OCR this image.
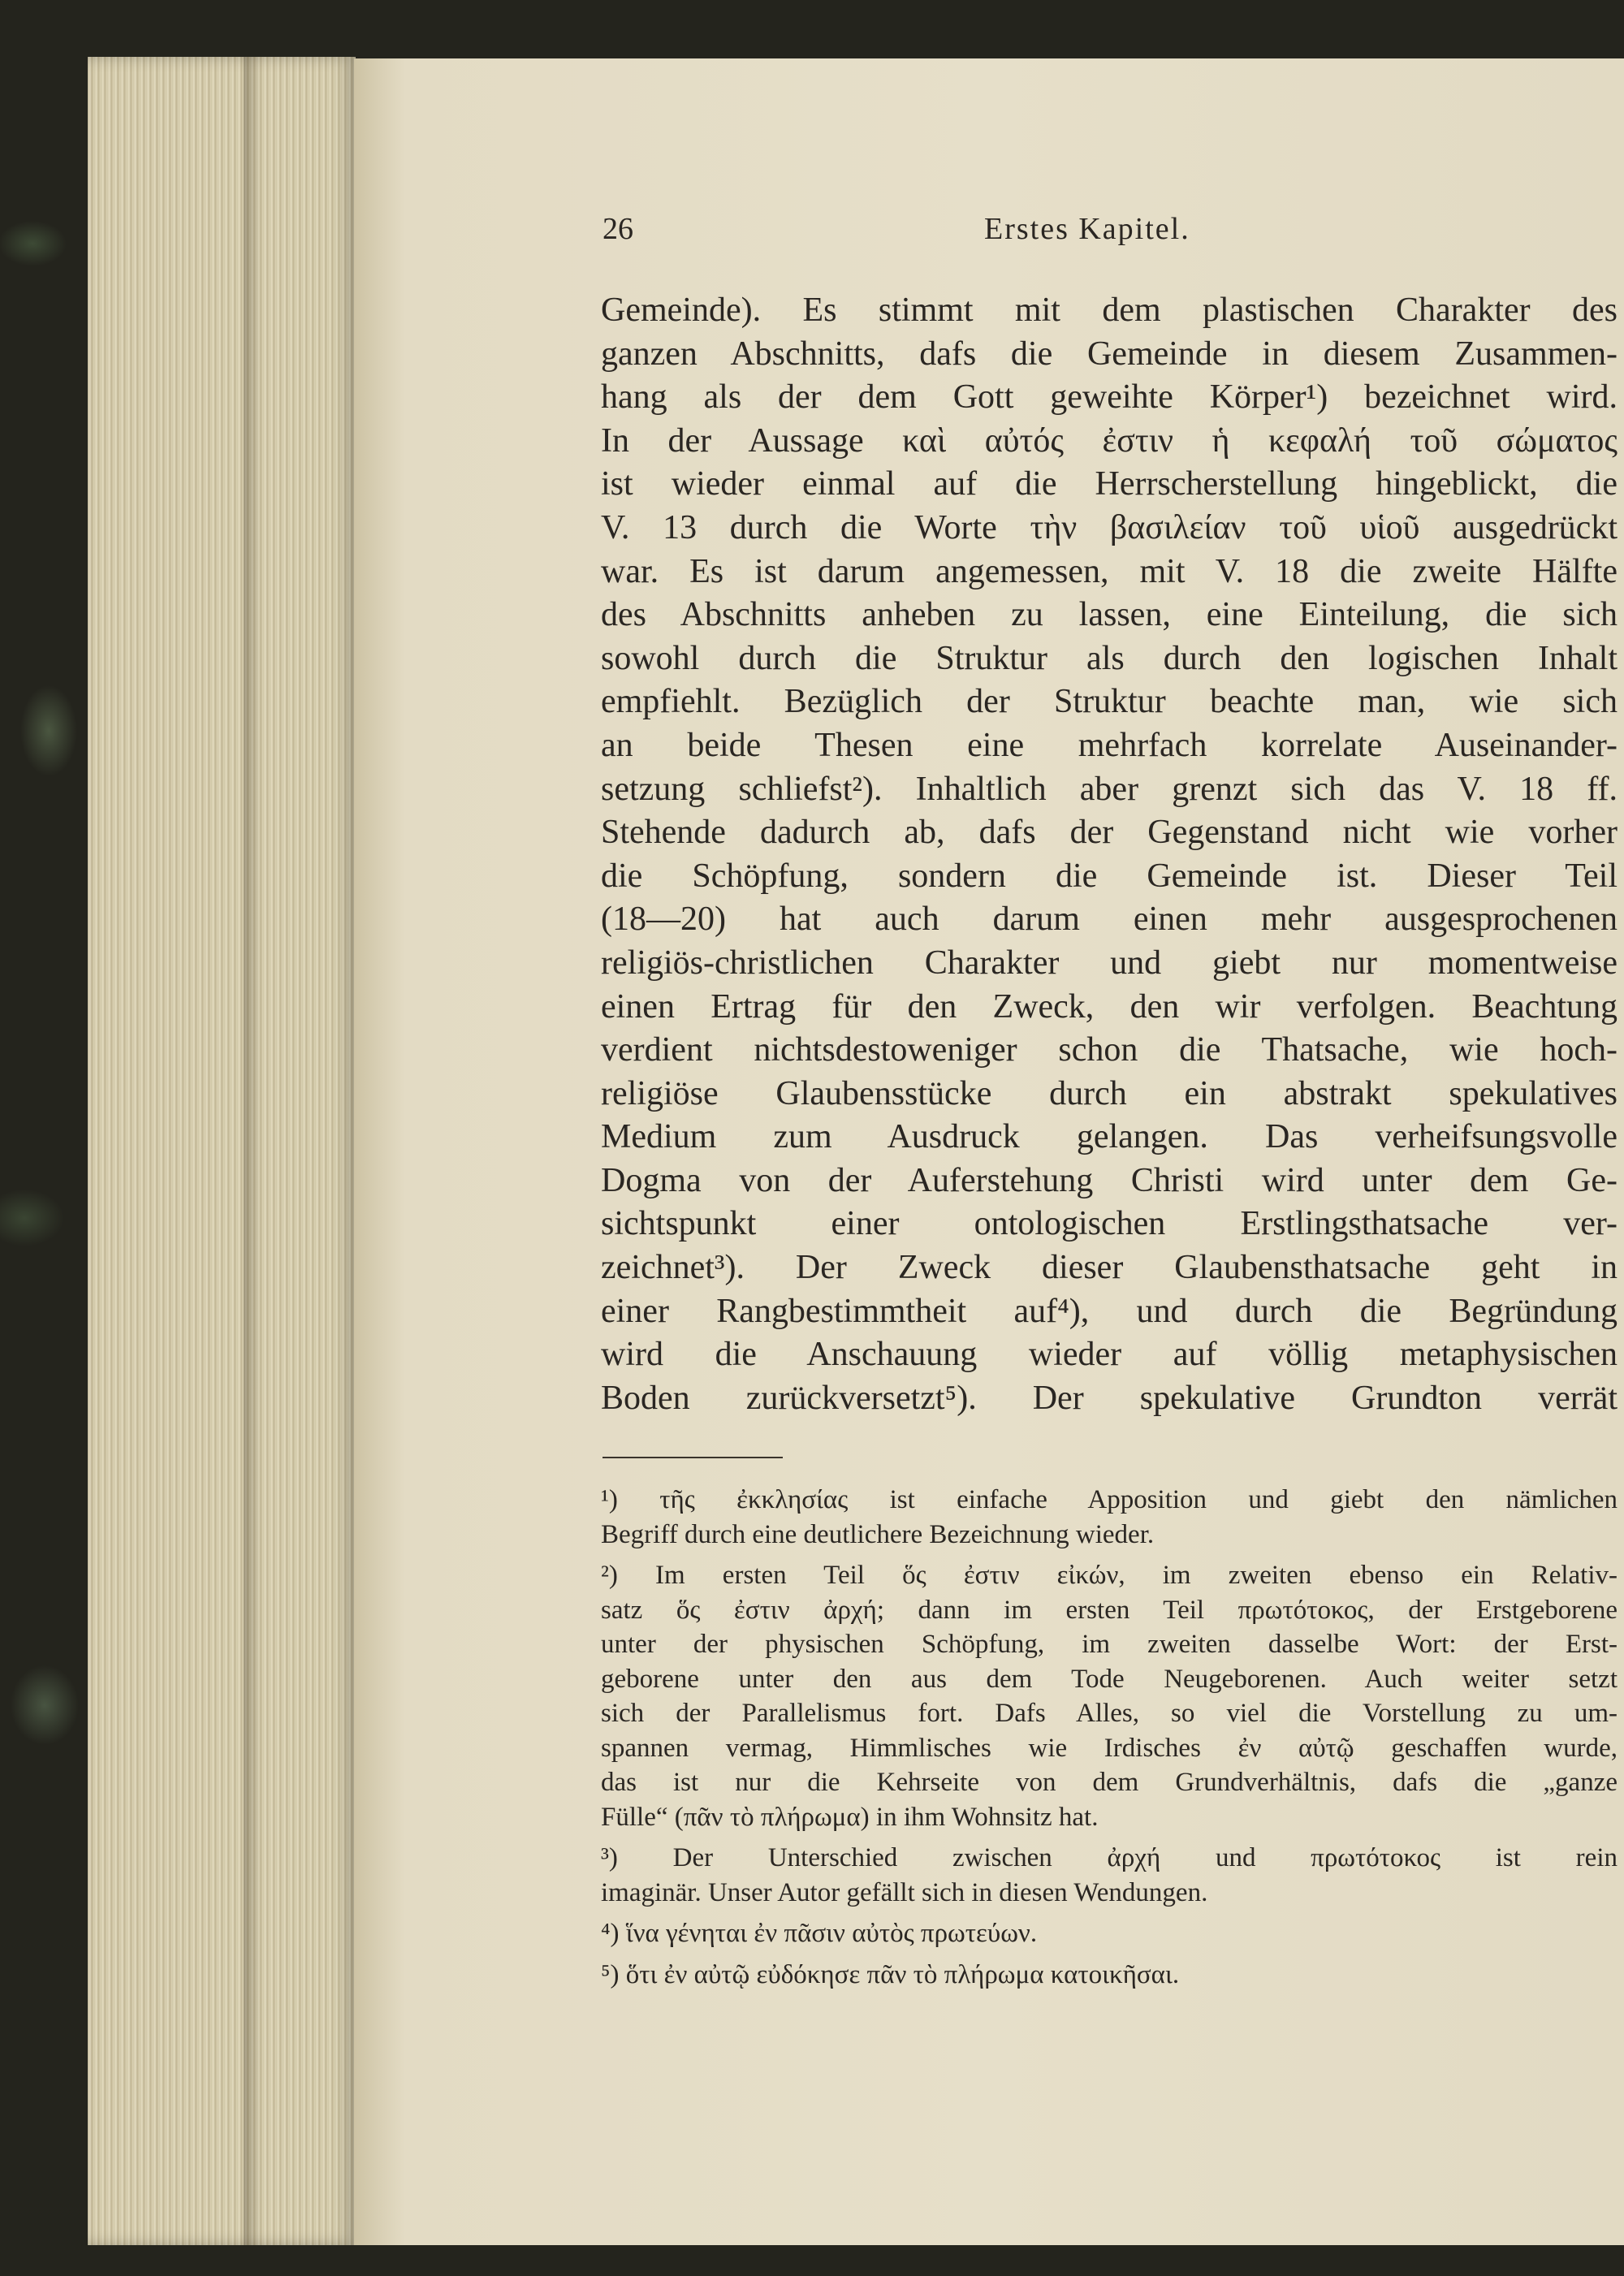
26	Erstes Kapitel.
Gemeinde). Es stimmt mit dem plastischen Charakter des
ganzen Abschnitts, dafs die Gemeinde in diesem Zusammen-
hang als der dem Gott geweihte Körper¹) bezeichnet wird.
In der Aussage καὶ αὐτός ἐστιν ἡ κεφαλή τοῦ σώματος
ist wieder einmal auf die Herrscherstellung hingeblickt, die
V. 13 durch die Worte τὴν βασιλείαν τοῦ υἱοῦ ausgedrückt
war. Es ist darum angemessen, mit V. 18 die zweite Hälfte
des Abschnitts anheben zu lassen, eine Einteilung, die sich
sowohl durch die Struktur als durch den logischen Inhalt
empfiehlt. Bezüglich der Struktur beachte man, wie sich
an beide Thesen eine mehrfach korrelate Auseinander-
setzung schliefst²). Inhaltlich aber grenzt sich das V. 18 ff.
Stehende dadurch ab, dafs der Gegenstand nicht wie vorher
die Schöpfung, sondern die Gemeinde ist. Dieser Teil
(18—20) hat auch darum einen mehr ausgesprochenen
religiös-christlichen Charakter und giebt nur momentweise
einen Ertrag für den Zweck, den wir verfolgen. Beachtung
verdient nichtsdestoweniger schon die Thatsache, wie hoch-
religiöse Glaubensstücke durch ein abstrakt spekulatives
Medium zum Ausdruck gelangen. Das verheifsungsvolle
Dogma von der Auferstehung Christi wird unter dem Ge-
sichtspunkt einer ontologischen Erstlingsthatsache ver-
zeichnet³). Der Zweck dieser Glaubensthatsache geht in
einer Rangbestimmtheit auf⁴), und durch die Begründung
wird die Anschauung wieder auf völlig metaphysischen
Boden zurückversetzt⁵). Der spekulative Grundton verrät
¹) τῆς ἐκκλησίας ist einfache Apposition und giebt den nämlichen
Begriff durch eine deutlichere Bezeichnung wieder.
²) Im ersten Teil ὅς ἐστιν εἰκών, im zweiten ebenso ein Relativ-
satz ὅς ἐστιν ἀρχή; dann im ersten Teil πρωτότοκος, der Erstgeborene
unter der physischen Schöpfung, im zweiten dasselbe Wort: der Erst-
geborene unter den aus dem Tode Neugeborenen. Auch weiter setzt
sich der Parallelismus fort. Dafs Alles, so viel die Vorstellung zu um-
spannen vermag, Himmlisches wie Irdisches ἐν αὐτῷ geschaffen wurde,
das ist nur die Kehrseite von dem Grundverhältnis, dafs die „ganze
Fülle“ (πᾶν τὸ πλήρωμα) in ihm Wohnsitz hat.
³) Der Unterschied zwischen ἀρχή und πρωτότοκος ist rein
imaginär. Unser Autor gefällt sich in diesen Wendungen.
⁴) ἵνα γένηται ἐν πᾶσιν αὐτὸς πρωτεύων.
⁵) ὅτι ἐν αὐτῷ εὐδόκησε πᾶν τὸ πλήρωμα κατοικῆσαι.
